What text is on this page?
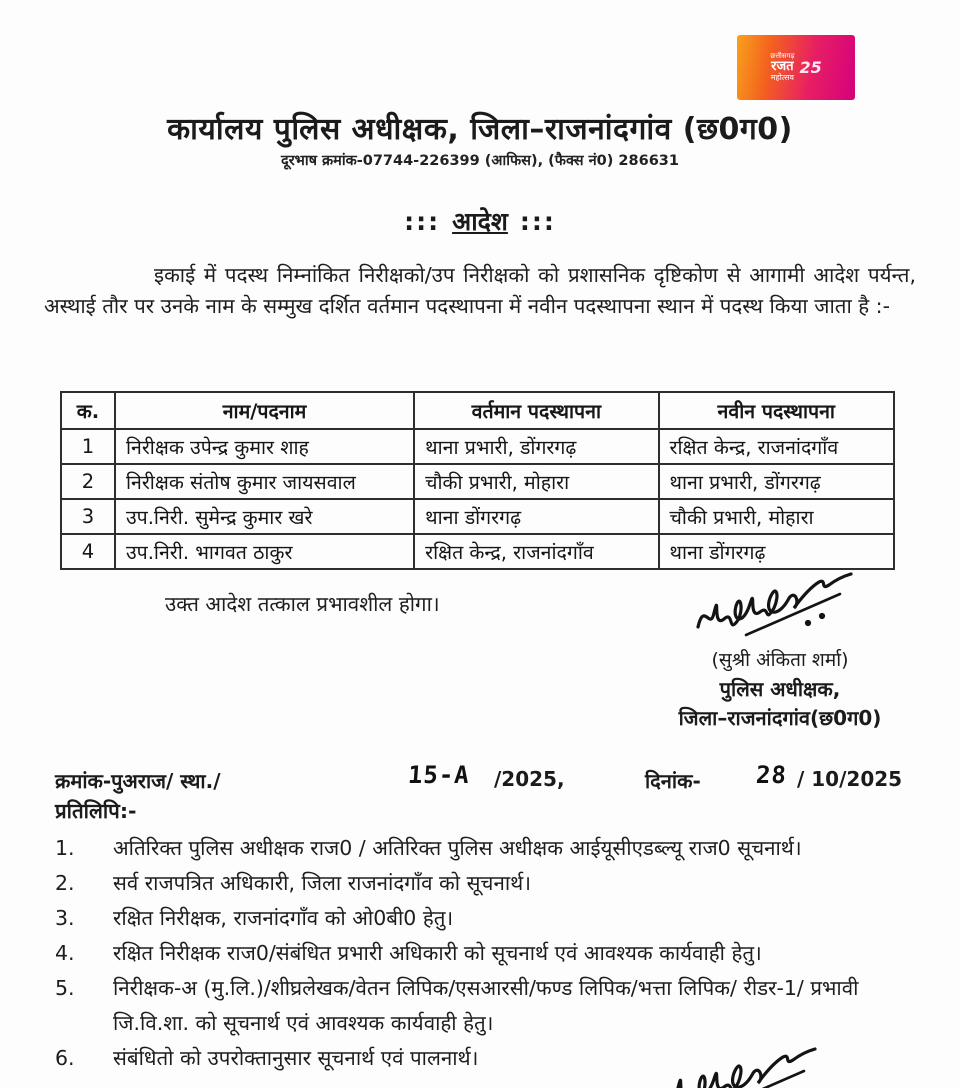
छत्तीसगढ़
रजत
महोत्सव
25
कार्यालय पुलिस अधीक्षक, जिला–राजनांदगांव (छ0ग0)
दूरभाष क्रमांक-07744-226399 (आफिस), (फैक्स नं0) 286631
::: आदेश :::

इकाई में पदस्थ निम्नांकित निरीक्षको/उप निरीक्षको को प्रशासनिक दृष्टिकोण से आगामी आदेश पर्यन्त, अस्थाई तौर पर उनके नाम के सम्मुख दर्शित वर्तमान पदस्थापना में नवीन पदस्थापना स्थान में पदस्थ किया जाता है :-

क.	नाम/पदनाम	वर्तमान पदस्थापना	नवीन पदस्थापना
1	निरीक्षक उपेन्द्र कुमार शाह	थाना प्रभारी, डोंगरगढ़	रक्षित केन्द्र, राजनांदगाँव
2	निरीक्षक संतोष कुमार जायसवाल	चौकी प्रभारी, मोहारा	थाना प्रभारी, डोंगरगढ़
3	उप.निरी. सुमेन्द्र कुमार खरे	थाना डोंगरगढ़	चौकी प्रभारी, मोहारा
4	उप.निरी. भागवत ठाकुर	रक्षित केन्द्र, राजनांदगाँव	थाना डोंगरगढ़
उक्त आदेश तत्काल प्रभावशील होगा।
(सुश्री अंकिता शर्मा)
पुलिस अधीक्षक,
जिला–राजनांदगांव(छ0ग0)
क्रमांक-पुअराज/ स्था./	15-A /2025,	दिनांक- 28 / 10/2025
प्रतिलिपि:-
1.	अतिरिक्त पुलिस अधीक्षक राज0 / अतिरिक्त पुलिस अधीक्षक आईयूसीएडब्ल्यू राज0 सूचनार्थ।
2.	सर्व राजपत्रित अधिकारी, जिला राजनांदगाँव को सूचनार्थ।
3.	रक्षित निरीक्षक, राजनांदगाँव को ओ0बी0 हेतु।
4.	रक्षित निरीक्षक राज0/संबंधित प्रभारी अधिकारी को सूचनार्थ एवं आवश्यक कार्यवाही हेतु।
5.	निरीक्षक-अ (मु.लि.)/शीघ्रलेखक/वेतन लिपिक/एसआरसी/फण्ड लिपिक/भत्ता लिपिक/ रीडर-1/ प्रभावी जि.वि.शा. को सूचनार्थ एवं आवश्यक कार्यवाही हेतु।
6.	संबंधितो को उपरोक्तानुसार सूचनार्थ एवं पालनार्थ।
